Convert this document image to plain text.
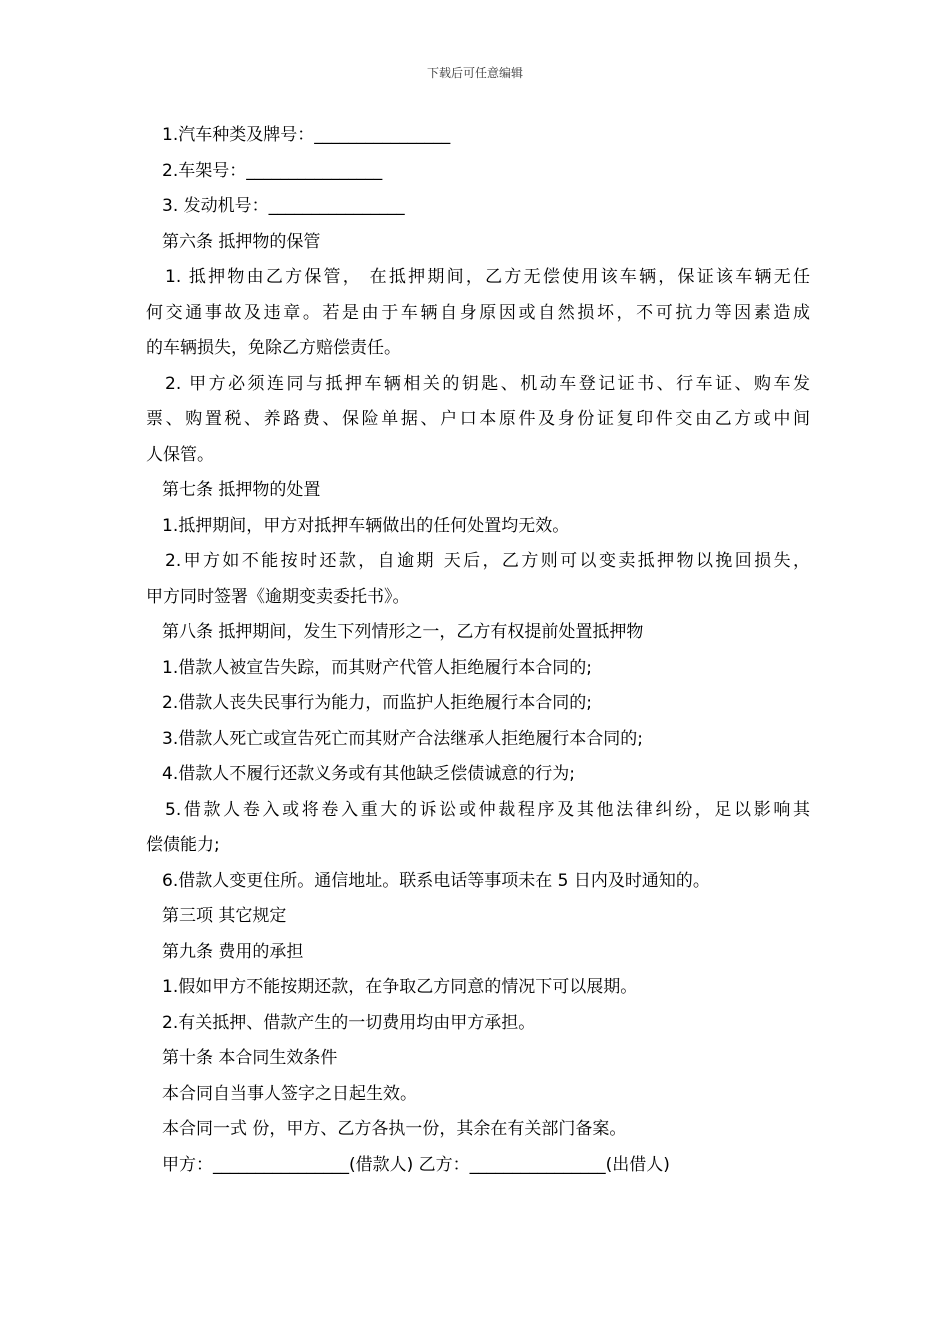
下载后可任意编辑

1.汽车种类及牌号：________________

2.车架号：________________

3. 发动机号：________________

第六条 抵押物的保管

1. 抵押物由乙方保管， 在抵押期间，乙方无偿使用该车辆，保证该车辆无任

何交通事故及违章。若是由于车辆自身原因或自然损坏，不可抗力等因素造成

的车辆损失，免除乙方赔偿责任。

2. 甲方必须连同与抵押车辆相关的钥匙、机动车登记证书、行车证、购车发

票、购置税、养路费、保险单据、户口本原件及身份证复印件交由乙方或中间

人保管。

第七条 抵押物的处置

1.抵押期间，甲方对抵押车辆做出的任何处置均无效。

2.甲方如不能按时还款，自逾期 天后，乙方则可以变卖抵押物以挽回损失，

甲方同时签署《逾期变卖委托书》。

第八条 抵押期间，发生下列情形之一，乙方有权提前处置抵押物

1.借款人被宣告失踪，而其财产代管人拒绝履行本合同的;

2.借款人丧失民事行为能力，而监护人拒绝履行本合同的;

3.借款人死亡或宣告死亡而其财产合法继承人拒绝履行本合同的;

4.借款人不履行还款义务或有其他缺乏偿债诚意的行为;

5.借款人卷入或将卷入重大的诉讼或仲裁程序及其他法律纠纷，足以影响其

偿债能力;

6.借款人变更住所。通信地址。联系电话等事项未在 5 日内及时通知的。

第三项 其它规定

第九条 费用的承担

1.假如甲方不能按期还款，在争取乙方同意的情况下可以展期。

2.有关抵押、借款产生的一切费用均由甲方承担。

第十条 本合同生效条件

本合同自当事人签字之日起生效。

本合同一式 份，甲方、乙方各执一份，其余在有关部门备案。

甲方：________________(借款人) 乙方：________________(出借人)
